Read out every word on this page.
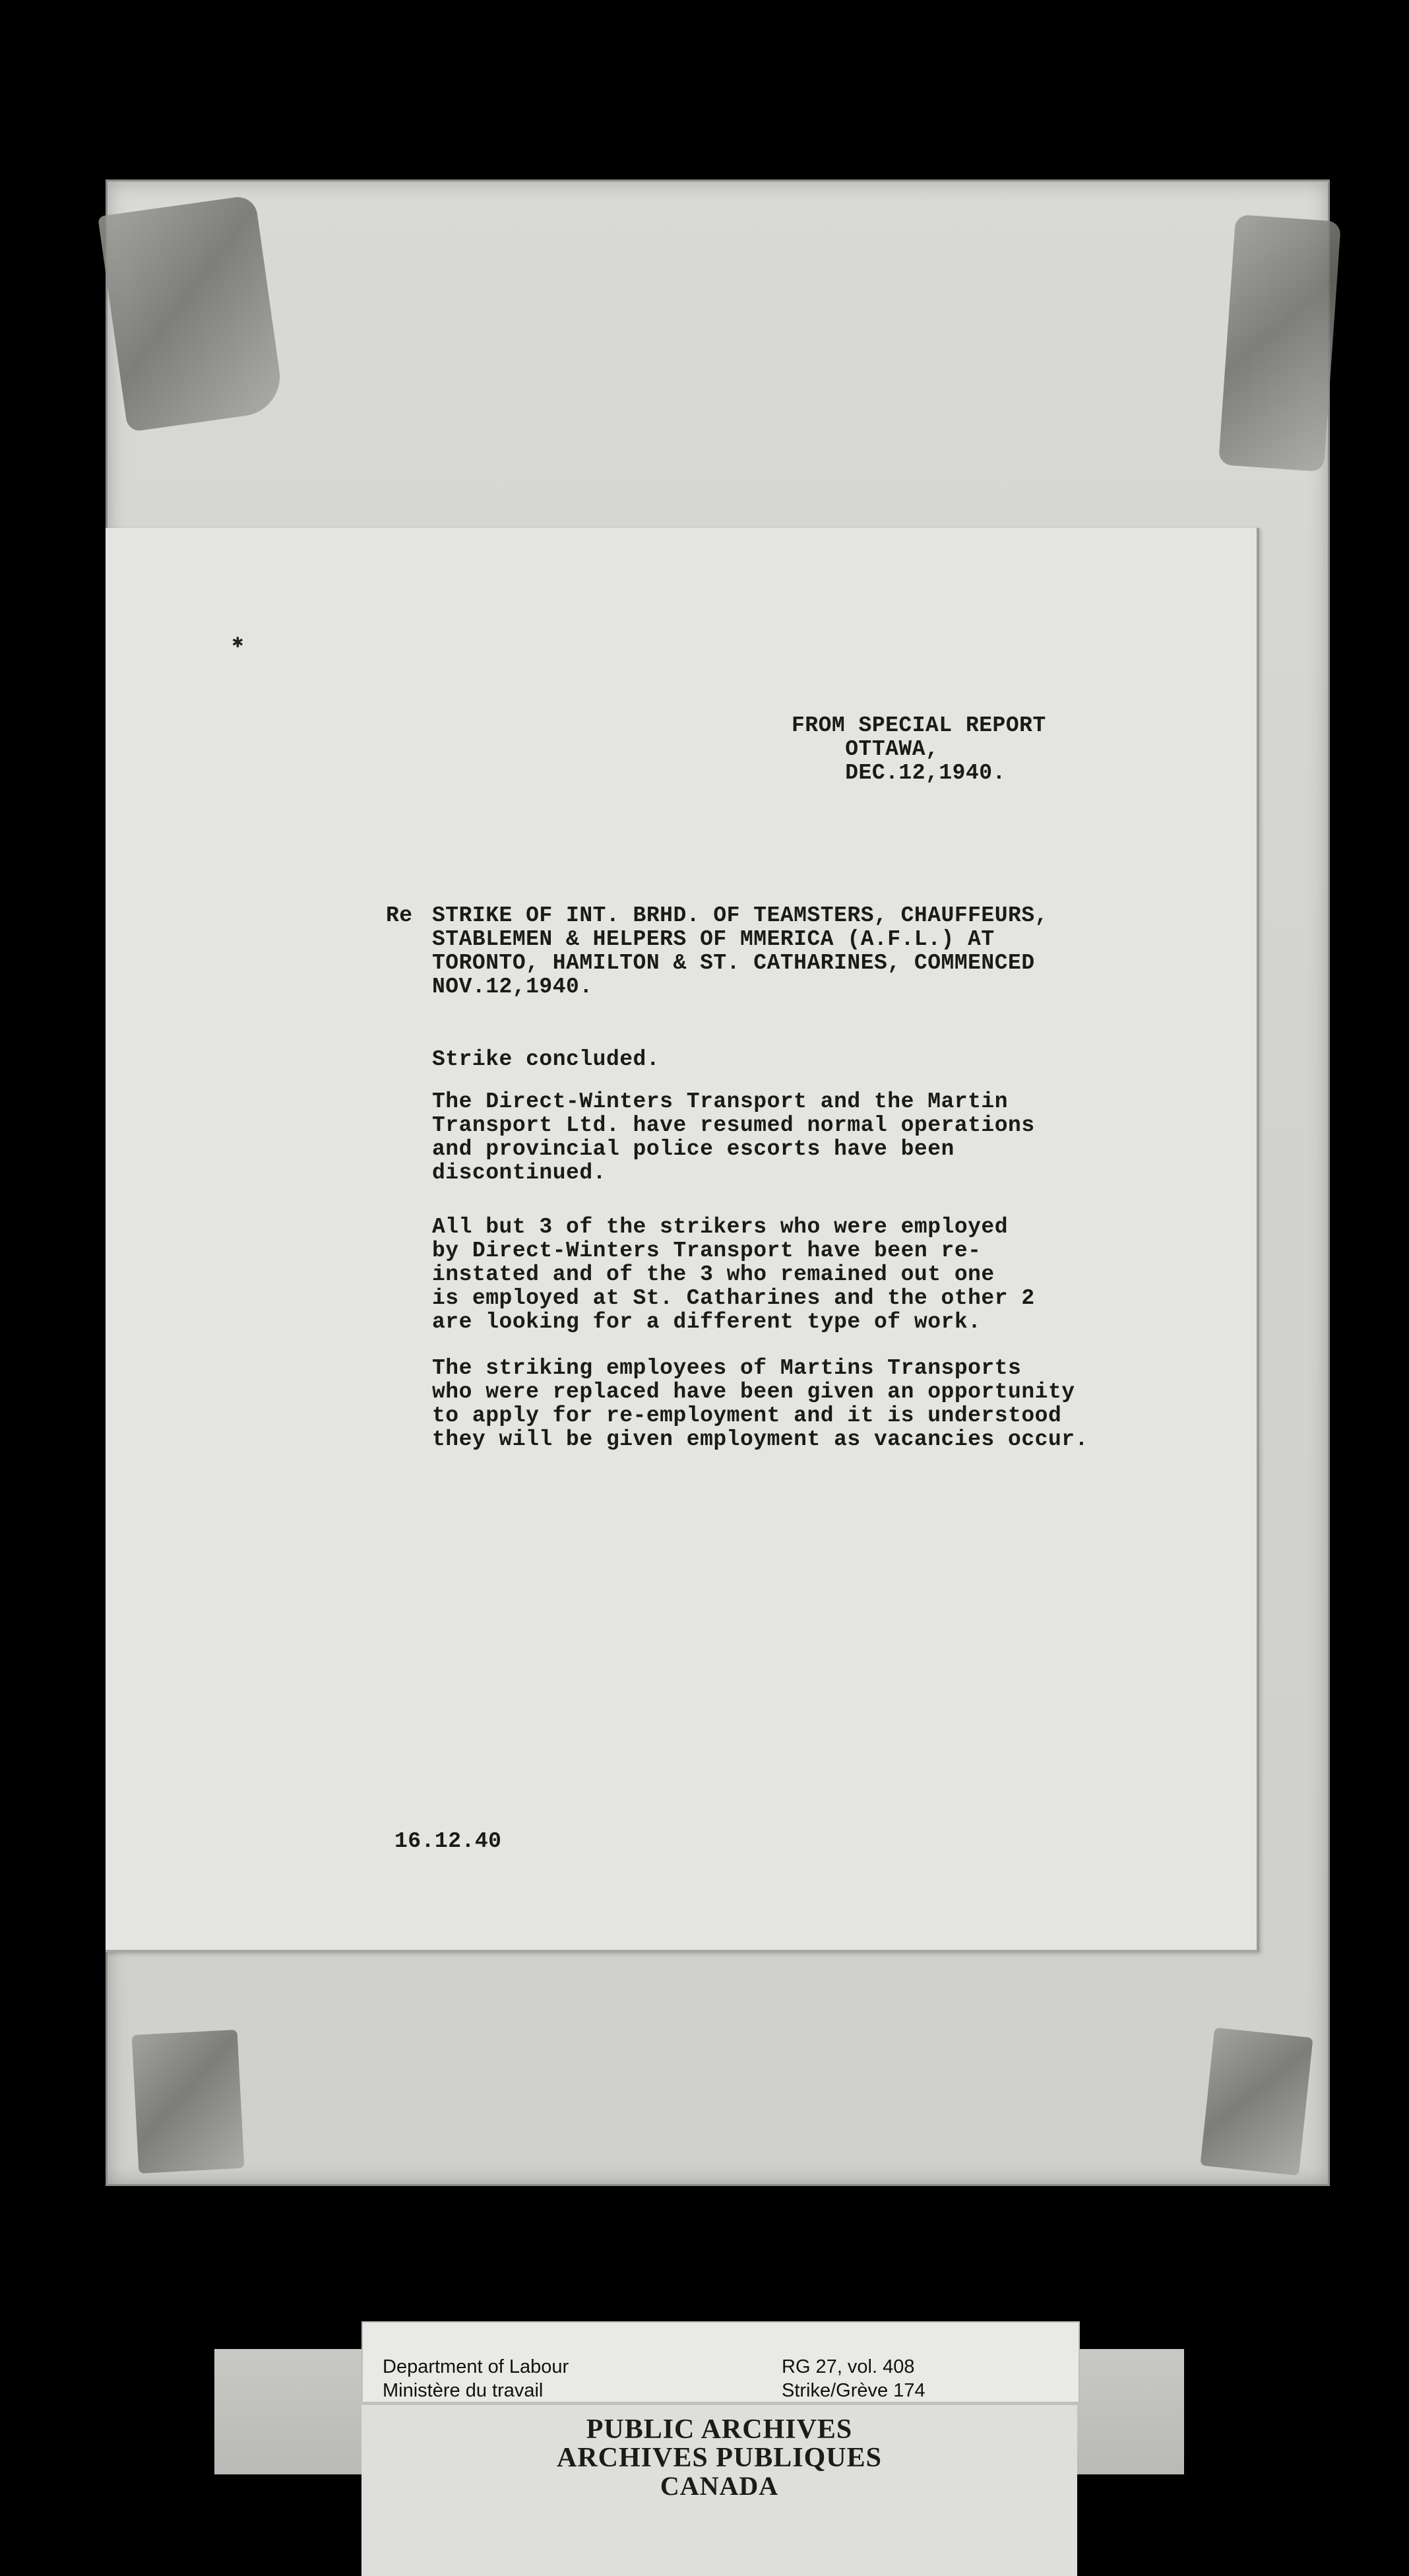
✱
FROM SPECIAL REPORT
OTTAWA,
DEC.12,1940.
Re STRIKE OF INT. BRHD. OF TEAMSTERS, CHAUFFEURS,
STABLEMEN & HELPERS OF MMERICA (A.F.L.) AT
TORONTO, HAMILTON & ST. CATHARINES, COMMENCED
NOV.12,1940.
Strike concluded.
The Direct-Winters Transport and the Martin
Transport Ltd. have resumed normal operations
and provincial police escorts have been
discontinued.
All but 3 of the strikers who were employed
by Direct-Winters Transport have been re-
instated and of the 3 who remained out one
is employed at St. Catharines and the other 2
are looking for a different type of work.
The striking employees of Martins Transports
who were replaced have been given an opportunity
to apply for re-employment and it is understood
they will be given employment as vacancies occur.
16.12.40
Department of Labour
Ministère du travail
RG 27, vol. 408
Strike/Grève 174
PUBLIC ARCHIVES
ARCHIVES PUBLIQUES
CANADA
